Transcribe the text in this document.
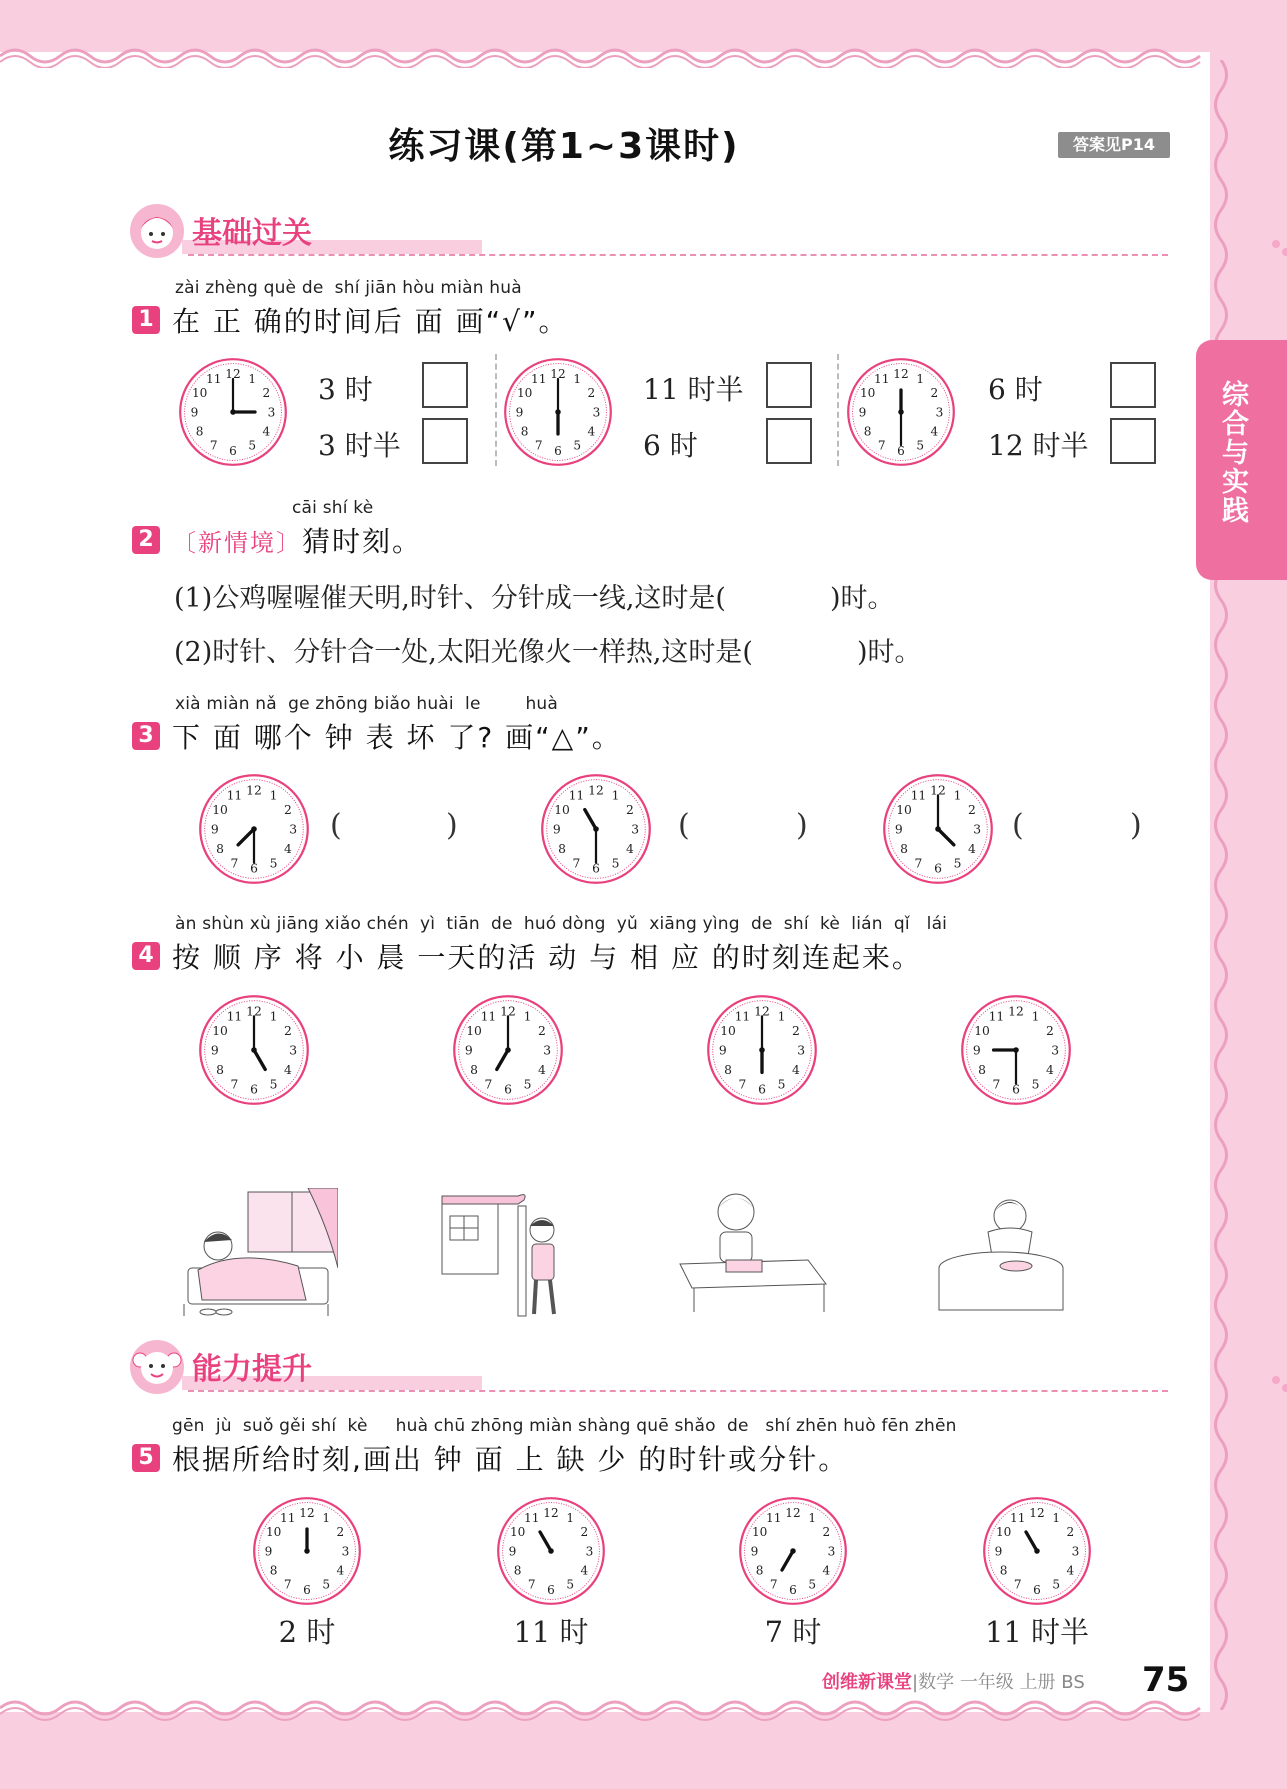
练习课(第1~3课时)	答案见P14
基础过关
zài zhèng què de  shí jiān hòu miàn huà
1 在 正 确的时间后 面 画“√”。
1
2
3
4
5
6
7
8
9
10
11 12	3 时
3 时半
1
2
3
4
5
6
7
8
9
10
11 12	11 时半
6 时
1
2
3
4
5
6
7
8
9
10
11 12	6 时
12 时半
cāi shí kè
2 〔新情境〕猜时刻。
(1)公鸡喔喔催天明,时针、分针成一线,这时是(	)时。
(2)时针、分针合一处,太阳光像火一样热,这时是(	)时。
xià miàn nǎ  ge zhōng biǎo huài  le        huà
3 下 面 哪个 钟 表 坏 了? 画“△”。
1
2
3
4
5
6
7
8
9
10
11 12
(	)
1
2
3
4
5
6
7
8
9
10
11 12
(	)
1
2
3
4
5
6
7
8
9
10
11 12
(	)
àn shùn xù jiāng xiǎo chén  yì  tiān  de  huó dòng  yǔ  xiāng yìng  de  shí  kè  lián  qǐ   lái
4 按 顺 序 将 小 晨 一天的活 动 与 相 应 的时刻连起来。
1
2
3
4
5
6
7
8
9
10
11 12	1
2
3
4
5
6
7
8
9
10
11 12	1
2
3
4
5
6
7
8
9
10
11 12	1
2
3
4
5
6
7
8
9
10
11 12
能力提升
gēn  jù  suǒ gěi shí  kè     huà chū zhōng miàn shàng quē shǎo  de   shí zhēn huò fēn zhēn
5 根据所给时刻,画出 钟 面 上 缺 少 的时针或分针。
1
2
3
4
5
6
7
8
9
10
11 12
2 时
1
2
3
4
5
6
7
8
9
10
11 12
11 时
1
2
3
4
5
6
7
8
9
10
11 12
7 时
1
2
3
4
5
6
7
8
9
10
11 12
11 时半
综合与实践
创维新课堂|数学 一年级 上册 BS 75
